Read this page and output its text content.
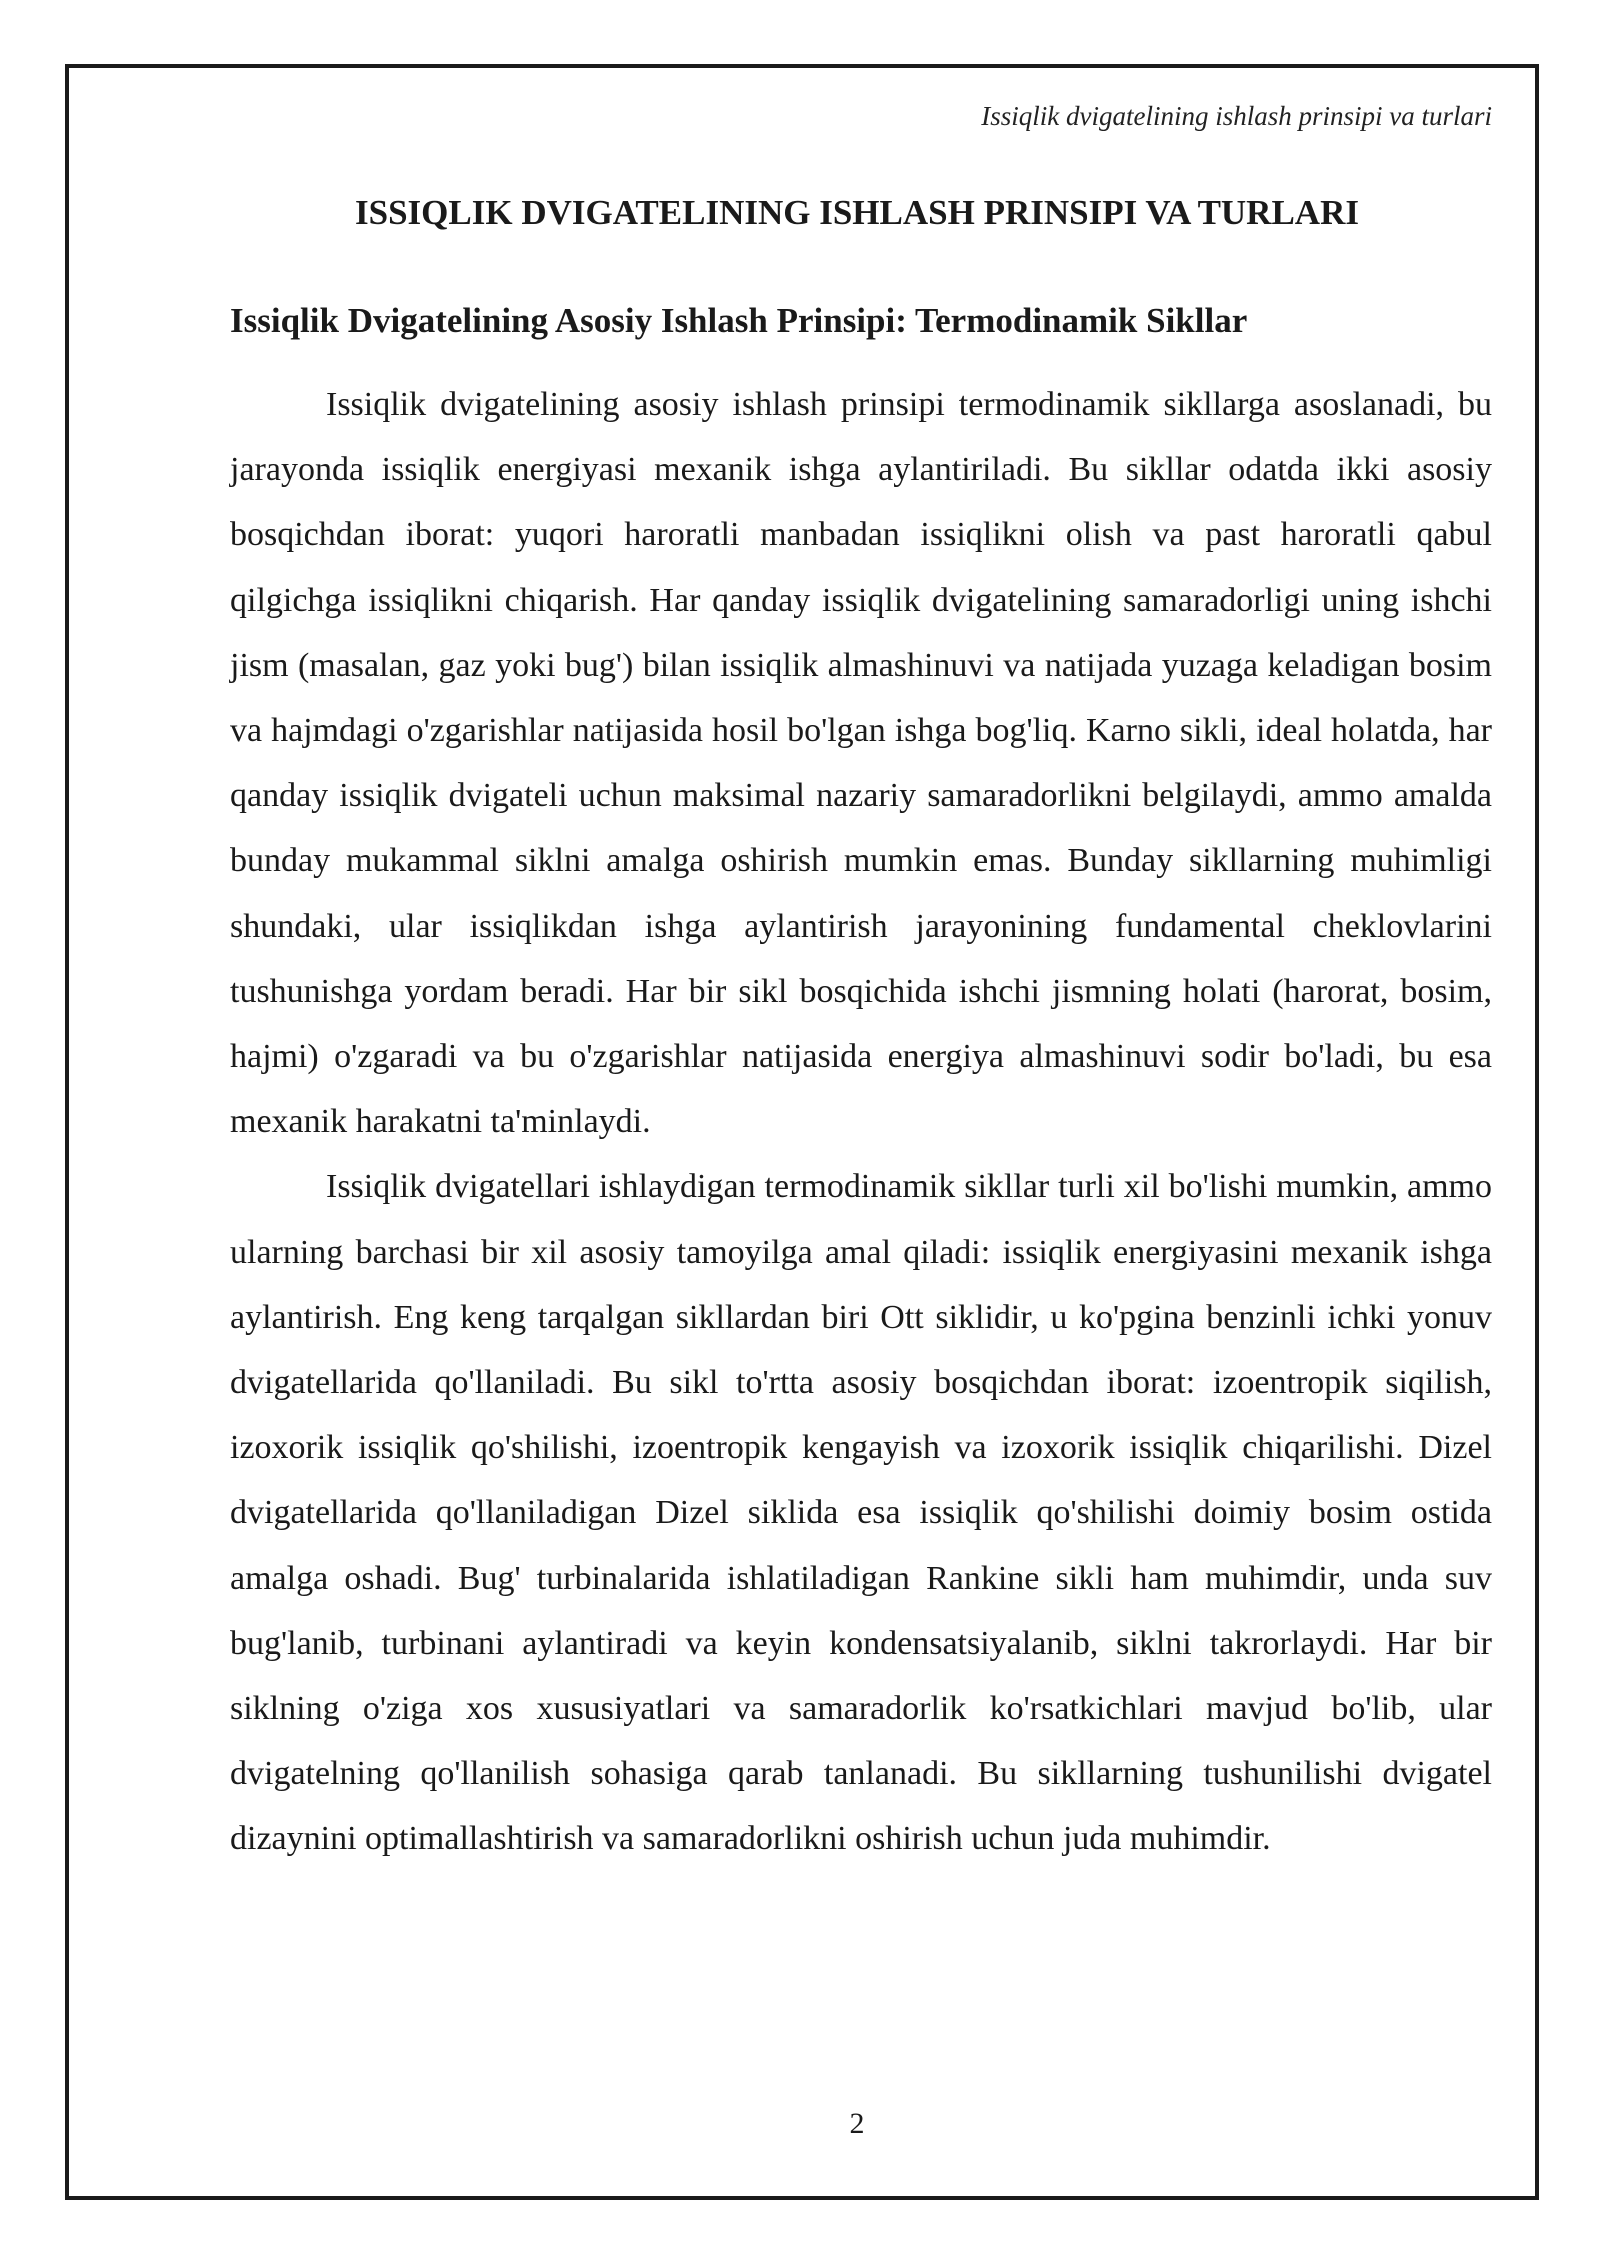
Issiqlik dvigatelining ishlash prinsipi va turlari
ISSIQLIK DVIGATELINING ISHLASH PRINSIPI VA TURLARI
Issiqlik Dvigatelining Asosiy Ishlash Prinsipi: Termodinamik Sikllar

Issiqlik dvigatelining asosiy ishlash prinsipi termodinamik sikllarga asoslanadi, bu jarayonda issiqlik energiyasi mexanik ishga aylantiriladi. Bu sikllar odatda ikki asosiy bosqichdan iborat: yuqori haroratli manbadan issiqlikni olish va past haroratli qabul qilgichga issiqlikni chiqarish. Har qanday issiqlik dvigatelining samaradorligi uning ishchi jism (masalan, gaz yoki bug') bilan issiqlik almashinuvi va natijada yuzaga keladigan bosim va hajmdagi o'zgarishlar natijasida hosil bo'lgan ishga bog'liq. Karno sikli, ideal holatda, har qanday issiqlik dvigateli uchun maksimal nazariy samaradorlikni belgilaydi, ammo amalda bunday mukammal siklni amalga oshirish mumkin emas. Bunday sikllarning muhimligi shundaki, ular issiqlikdan ishga aylantirish jarayonining fundamental cheklovlarini tushunishga yordam beradi. Har bir sikl bosqichida ishchi jismning holati (harorat, bosim, hajmi) o'zgaradi va bu o'zgarishlar natijasida energiya almashinuvi sodir bo'ladi, bu esa mexanik harakatni ta'minlaydi.

Issiqlik dvigatellari ishlaydigan termodinamik sikllar turli xil bo'lishi mumkin, ammo ularning barchasi bir xil asosiy tamoyilga amal qiladi: issiqlik energiyasini mexanik ishga aylantirish. Eng keng tarqalgan sikllardan biri Ott siklidir, u ko'pgina benzinli ichki yonuv dvigatellarida qo'llaniladi. Bu sikl to'rtta asosiy bosqichdan iborat: izoentropik siqilish, izoxorik issiqlik qo'shilishi, izoentropik kengayish va izoxorik issiqlik chiqarilishi. Dizel dvigatellarida qo'llaniladigan Dizel siklida esa issiqlik qo'shilishi doimiy bosim ostida amalga oshadi. Bug' turbinalarida ishlatiladigan Rankine sikli ham muhimdir, unda suv bug'lanib, turbinani aylantiradi va keyin kondensatsiyalanib, siklni takrorlaydi. Har bir siklning o'ziga xos xususiyatlari va samaradorlik ko'rsatkichlari mavjud bo'lib, ular dvigatelning qo'llanilish sohasiga qarab tanlanadi. Bu sikllarning tushunilishi dvigatel dizaynini optimallashtirish va samaradorlikni oshirish uchun juda muhimdir.

2
